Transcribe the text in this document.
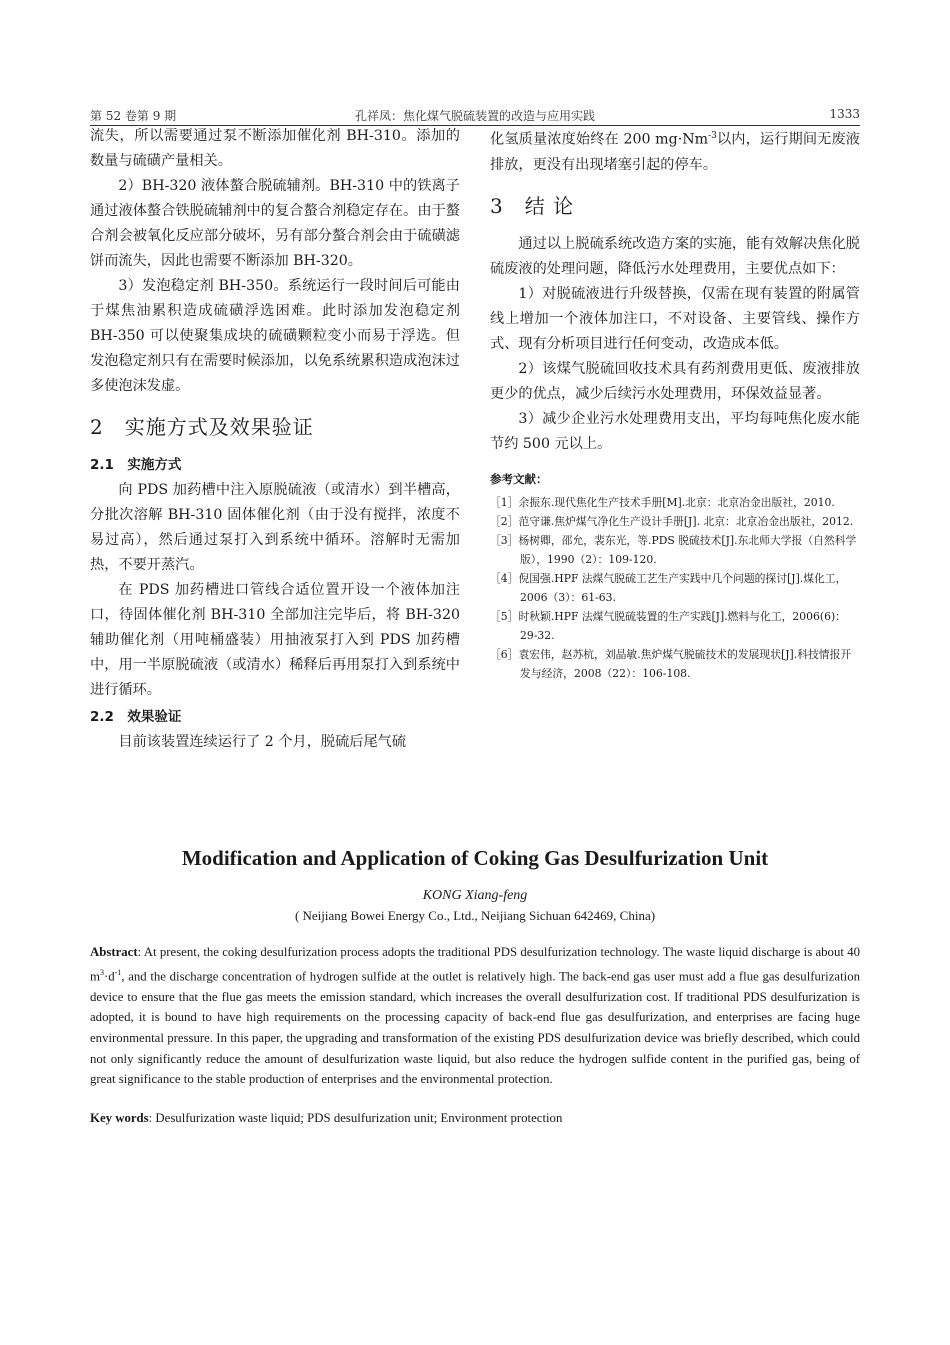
第 52 卷第 9 期	孔祥凤：焦化煤气脱硫装置的改造与应用实践	1333

流失，所以需要通过泵不断添加催化剂 BH-310。添加的数量与硫磺产量相关。

2）BH-320 液体螯合脱硫辅剂。BH-310 中的铁离子通过液体螯合铁脱硫辅剂中的复合螯合剂稳定存在。由于螯合剂会被氧化反应部分破坏，另有部分螯合剂会由于硫磺滤饼而流失，因此也需要不断添加 BH-320。

3）发泡稳定剂 BH-350。系统运行一段时间后可能由于煤焦油累积造成硫磺浮选困难。此时添加发泡稳定剂 BH-350 可以使聚集成块的硫磺颗粒变小而易于浮选。但发泡稳定剂只有在需要时候添加，以免系统累积造成泡沫过多使泡沫发虚。

2　实施方式及效果验证

2.1　实施方式

向 PDS 加药槽中注入原脱硫液（或清水）到半槽高，分批次溶解 BH-310 固体催化剂（由于没有搅拌，浓度不易过高），然后通过泵打入到系统中循环。溶解时无需加热，不要开蒸汽。

在 PDS 加药槽进口管线合适位置开设一个液体加注口，待固体催化剂 BH-310 全部加注完毕后，将 BH-320 辅助催化剂（用吨桶盛装）用抽液泵打入到 PDS 加药槽中，用一半原脱硫液（或清水）稀释后再用泵打入到系统中进行循环。

2.2　效果验证

目前该装置连续运行了 2 个月，脱硫后尾气硫

化氢质量浓度始终在 200 $mg\cdot Nm^{-3}$以内，运行期间无废液排放，更没有出现堵塞引起的停车。

3　结 论

通过以上脱硫系统改造方案的实施，能有效解决焦化脱硫废液的处理问题，降低污水处理费用，主要优点如下：

1）对脱硫液进行升级替换，仅需在现有装置的附属管线上增加一个液体加注口，不对设备、主要管线、操作方式、现有分析项目进行任何变动，改造成本低。

2）该煤气脱硫回收技术具有药剂费用更低、废液排放更少的优点，减少后续污水处理费用，环保效益显著。

3）减少企业污水处理费用支出，平均每吨焦化废水能节约 500 元以上。

参考文献：

［1］余振东.现代焦化生产技术手册[M].北京：北京冶金出版社，2010.

［2］范守谦.焦炉煤气净化生产设计手册[J]. 北京：北京冶金出版社，2012.

［3］杨树卿，邵允，裴东光，等.PDS 脱硫技术[J].东北师大学报（自然科学版），1990（2）：109-120.

［4］倪国强.HPF 法煤气脱硫工艺生产实践中几个问题的探讨[J].煤化工，2006（3）：61-63.

［5］时秋颖.HPF 法煤气脱硫装置的生产实践[J].燃料与化工，2006(6)：29-32.

［6］袁宏伟，赵苏杭，刘晶敏.焦炉煤气脱硫技术的发展现状[J].科技情报开发与经济，2008（22）：106-108.

Modification and Application of Coking Gas Desulfurization Unit
KONG Xiang-feng
( Neijiang Bowei Energy Co., Ltd., Neijiang Sichuan 642469, China)
Abstract: At present, the coking desulfurization process adopts the traditional PDS desulfurization technology. The waste liquid discharge is about 40 $m^3\cdot d^{-1}$, and the discharge concentration of hydrogen sulfide at the outlet is relatively high. The back-end gas user must add a flue gas desulfurization device to ensure that the flue gas meets the emission standard, which increases the overall desulfurization cost. If traditional PDS desulfurization is adopted, it is bound to have high requirements on the processing capacity of back-end flue gas desulfurization, and enterprises are facing huge environmental pressure. In this paper, the upgrading and transformation of the existing PDS desulfurization device was briefly described, which could not only significantly reduce the amount of desulfurization waste liquid, but also reduce the hydrogen sulfide content in the purified gas, being of great significance to the stable production of enterprises and the environmental protection.
Key words: Desulfurization waste liquid; PDS desulfurization unit; Environment protection
